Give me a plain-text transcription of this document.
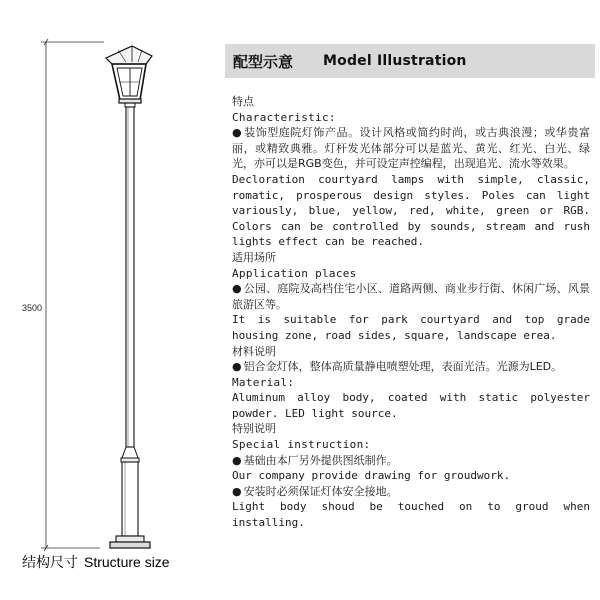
3500
结构尺寸 Structure size
配型示意 Model Illustration
特点
Characteristic:
● 装饰型庭院灯饰产品。设计风格或简约时尚，或古典浪漫；或华贵富丽，或精致典雅。灯杆发光体部分可以是蓝光、黄光、红光、白光、绿光，亦可以是RGB变色，并可设定声控编程，出现追光、流水等效果。
Decloration courtyard lamps with simple, classic, romatic, prosperous design styles. Poles can light variously, blue, yellow, red, white, green or RGB. Colors can be controlled by sounds, stream and rush lights effect can be reached.
适用场所
Application places
● 公园、庭院及高档住宅小区、道路两侧、商业步行街、休闲广场、风景旅游区等。
It is suitable for park courtyard and top grade housing zone, road sides, square, landscape erea.
材料说明
● 铝合金灯体，整体高质量静电喷塑处理，表面光洁。光源为LED。
Material:
Aluminum alloy body, coated with static polyester powder. LED light source.
特别说明
Special instruction:
● 基础由本厂另外提供图纸制作。
Our company provide drawing for groudwork.
● 安装时必须保证灯体安全接地。
Light body shoud be touched on to groud when installing.
